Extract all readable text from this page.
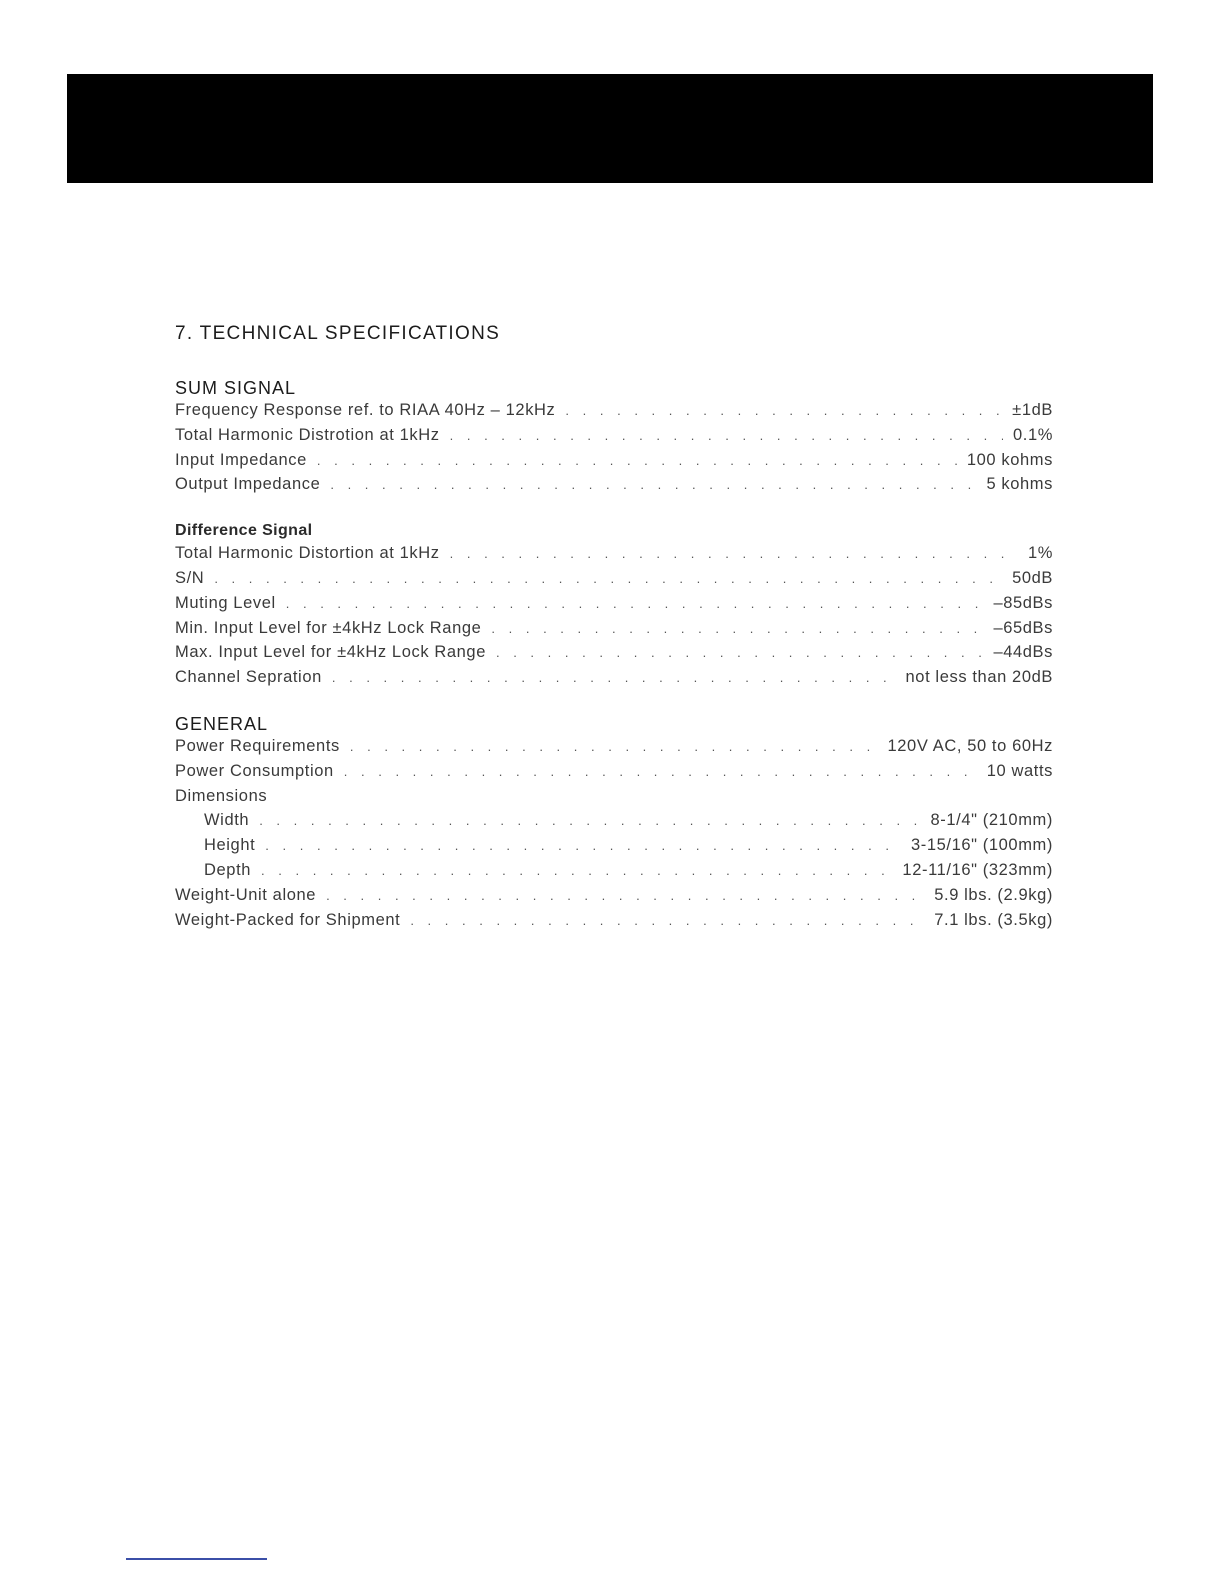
7. TECHNICAL SPECIFICATIONS
SUM SIGNAL
Frequency Response ref. to RIAA 40Hz – 12kHz . . .	±1dB
Total Harmonic Distrotion at 1kHz . . .	0.1%
Input Impedance . . .	100 kohms
Output Impedance . . .	5 kohms
Difference Signal
Total Harmonic Distortion at 1kHz . . .	1%
S/N . . .	50dB
Muting Level . . .	–85dBs
Min. Input Level for ±4kHz Lock Range . . .	–65dBs
Max. Input Level for ±4kHz Lock Range . . .	–44dBs
Channel Sepration . . .	not less than 20dB
GENERAL
Power Requirements . . .	120V AC, 50 to 60Hz
Power Consumption . . .	10 watts
Dimensions
Width . . .	8-1/4" (210mm)
Height . . .	3-15/16" (100mm)
Depth . . .	12-11/16" (323mm)
Weight-Unit alone . . .	5.9 lbs. (2.9kg)
Weight-Packed for Shipment . . .	7.1 lbs. (3.5kg)
